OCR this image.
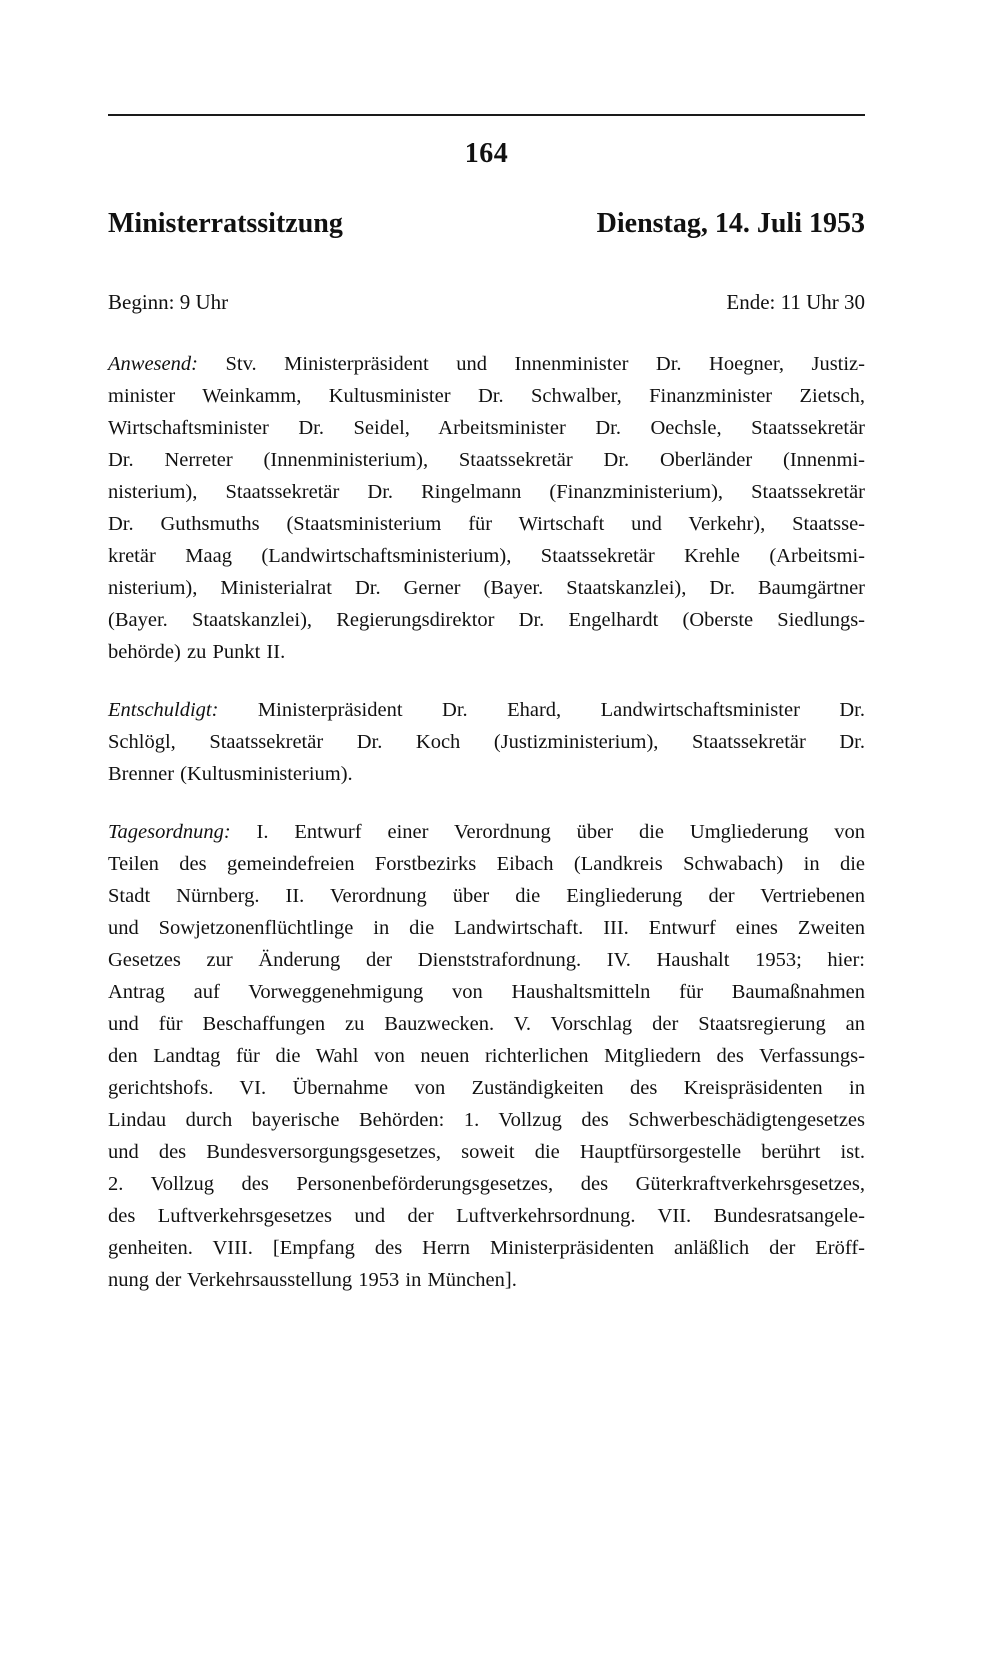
164
Ministerratssitzung	Dienstag, 14. Juli 1953
Beginn: 9 Uhr	Ende: 11 Uhr 30
Anwesend: Stv. Ministerpräsident und Innenminister Dr. Hoegner, Justiz-
minister Weinkamm, Kultusminister Dr. Schwalber, Finanzminister Zietsch,
Wirtschaftsminister Dr. Seidel, Arbeitsminister Dr. Oechsle, Staatssekretär
Dr. Nerreter (Innenministerium), Staatssekretär Dr. Oberländer (Innenmi-
nisterium), Staatssekretär Dr. Ringelmann (Finanzministerium), Staatssekretär
Dr. Guthsmuths (Staatsministerium für Wirtschaft und Verkehr), Staatsse-
kretär Maag (Landwirtschaftsministerium), Staatssekretär Krehle (Arbeitsmi-
nisterium), Ministerialrat Dr. Gerner (Bayer. Staatskanzlei), Dr. Baumgärtner
(Bayer. Staatskanzlei), Regierungsdirektor Dr. Engelhardt (Oberste Siedlungs-
behörde) zu Punkt II.
Entschuldigt: Ministerpräsident Dr. Ehard, Landwirtschaftsminister Dr.
Schlögl, Staatssekretär Dr. Koch (Justizministerium), Staatssekretär Dr.
Brenner (Kultusministerium).
Tagesordnung: I. Entwurf einer Verordnung über die Umgliederung von
Teilen des gemeindefreien Forstbezirks Eibach (Landkreis Schwabach) in die
Stadt Nürnberg. II. Verordnung über die Eingliederung der Vertriebenen
und Sowjetzonenflüchtlinge in die Landwirtschaft. III. Entwurf eines Zweiten
Gesetzes zur Änderung der Dienststrafordnung. IV. Haushalt 1953; hier:
Antrag auf Vorweggenehmigung von Haushaltsmitteln für Baumaßnahmen
und für Beschaffungen zu Bauzwecken. V. Vorschlag der Staatsregierung an
den Landtag für die Wahl von neuen richterlichen Mitgliedern des Verfassungs-
gerichtshofs. VI. Übernahme von Zuständigkeiten des Kreispräsidenten in
Lindau durch bayerische Behörden: 1. Vollzug des Schwerbeschädigtengesetzes
und des Bundesversorgungsgesetzes, soweit die Hauptfürsorgestelle berührt ist.
2. Vollzug des Personenbeförderungsgesetzes, des Güterkraftverkehrsgesetzes,
des Luftverkehrsgesetzes und der Luftverkehrsordnung. VII. Bundesratsangele-
genheiten. VIII. [Empfang des Herrn Ministerpräsidenten anläßlich der Eröff-
nung der Verkehrsausstellung 1953 in München].
